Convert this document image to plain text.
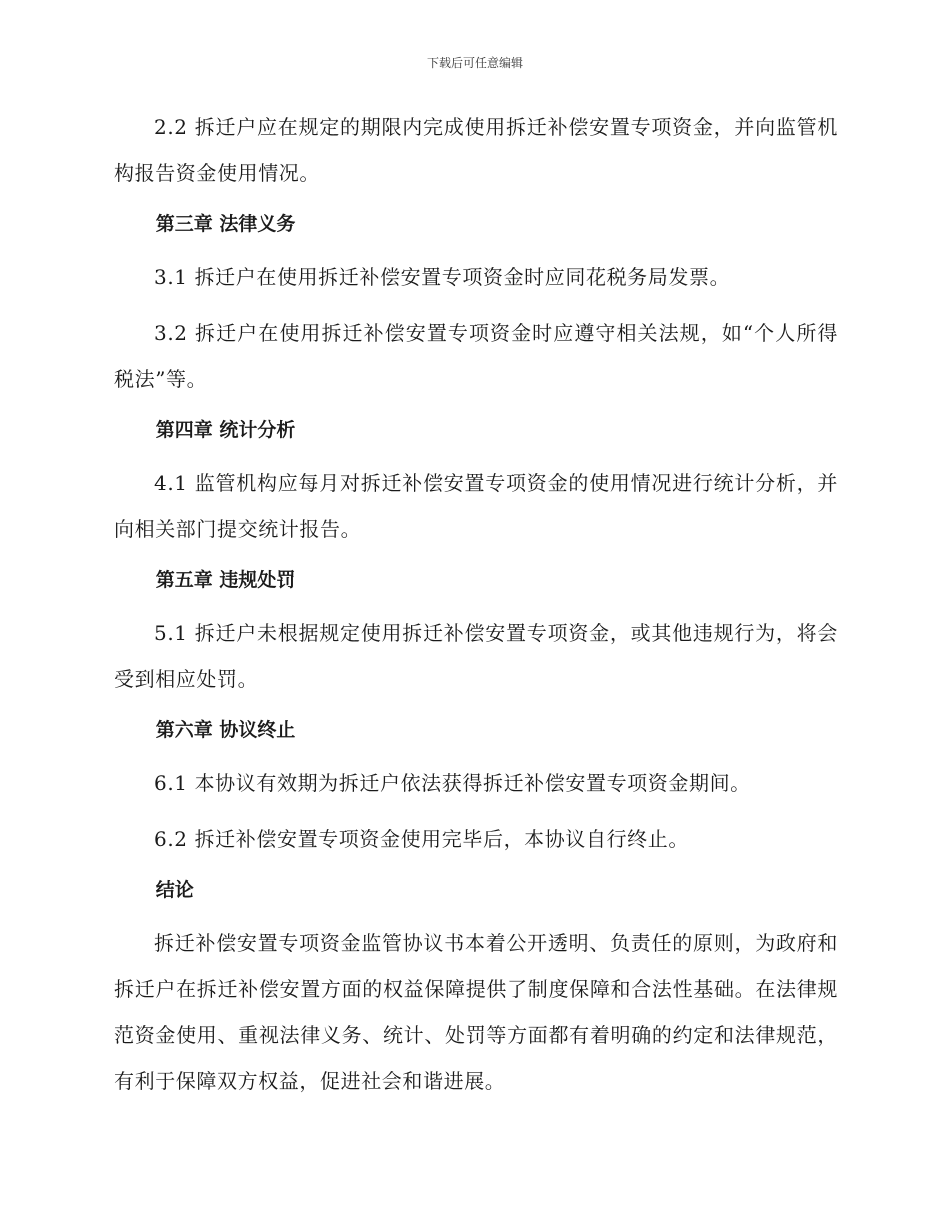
下载后可任意编辑

2.2 拆迁户应在规定的期限内完成使用拆迁补偿安置专项资金，并向监管机构报告资金使用情况。

第三章 法律义务

3.1 拆迁户在使用拆迁补偿安置专项资金时应同花税务局发票。

3.2 拆迁户在使用拆迁补偿安置专项资金时应遵守相关法规，如“个人所得税法”等。

第四章 统计分析

4.1 监管机构应每月对拆迁补偿安置专项资金的使用情况进行统计分析，并向相关部门提交统计报告。

第五章 违规处罚

5.1 拆迁户未根据规定使用拆迁补偿安置专项资金，或其他违规行为，将会受到相应处罚。

第六章 协议终止

6.1 本协议有效期为拆迁户依法获得拆迁补偿安置专项资金期间。

6.2 拆迁补偿安置专项资金使用完毕后，本协议自行终止。

结论

拆迁补偿安置专项资金监管协议书本着公开透明、负责任的原则，为政府和拆迁户在拆迁补偿安置方面的权益保障提供了制度保障和合法性基础。在法律规范资金使用、重视法律义务、统计、处罚等方面都有着明确的约定和法律规范，有利于保障双方权益，促进社会和谐进展。
